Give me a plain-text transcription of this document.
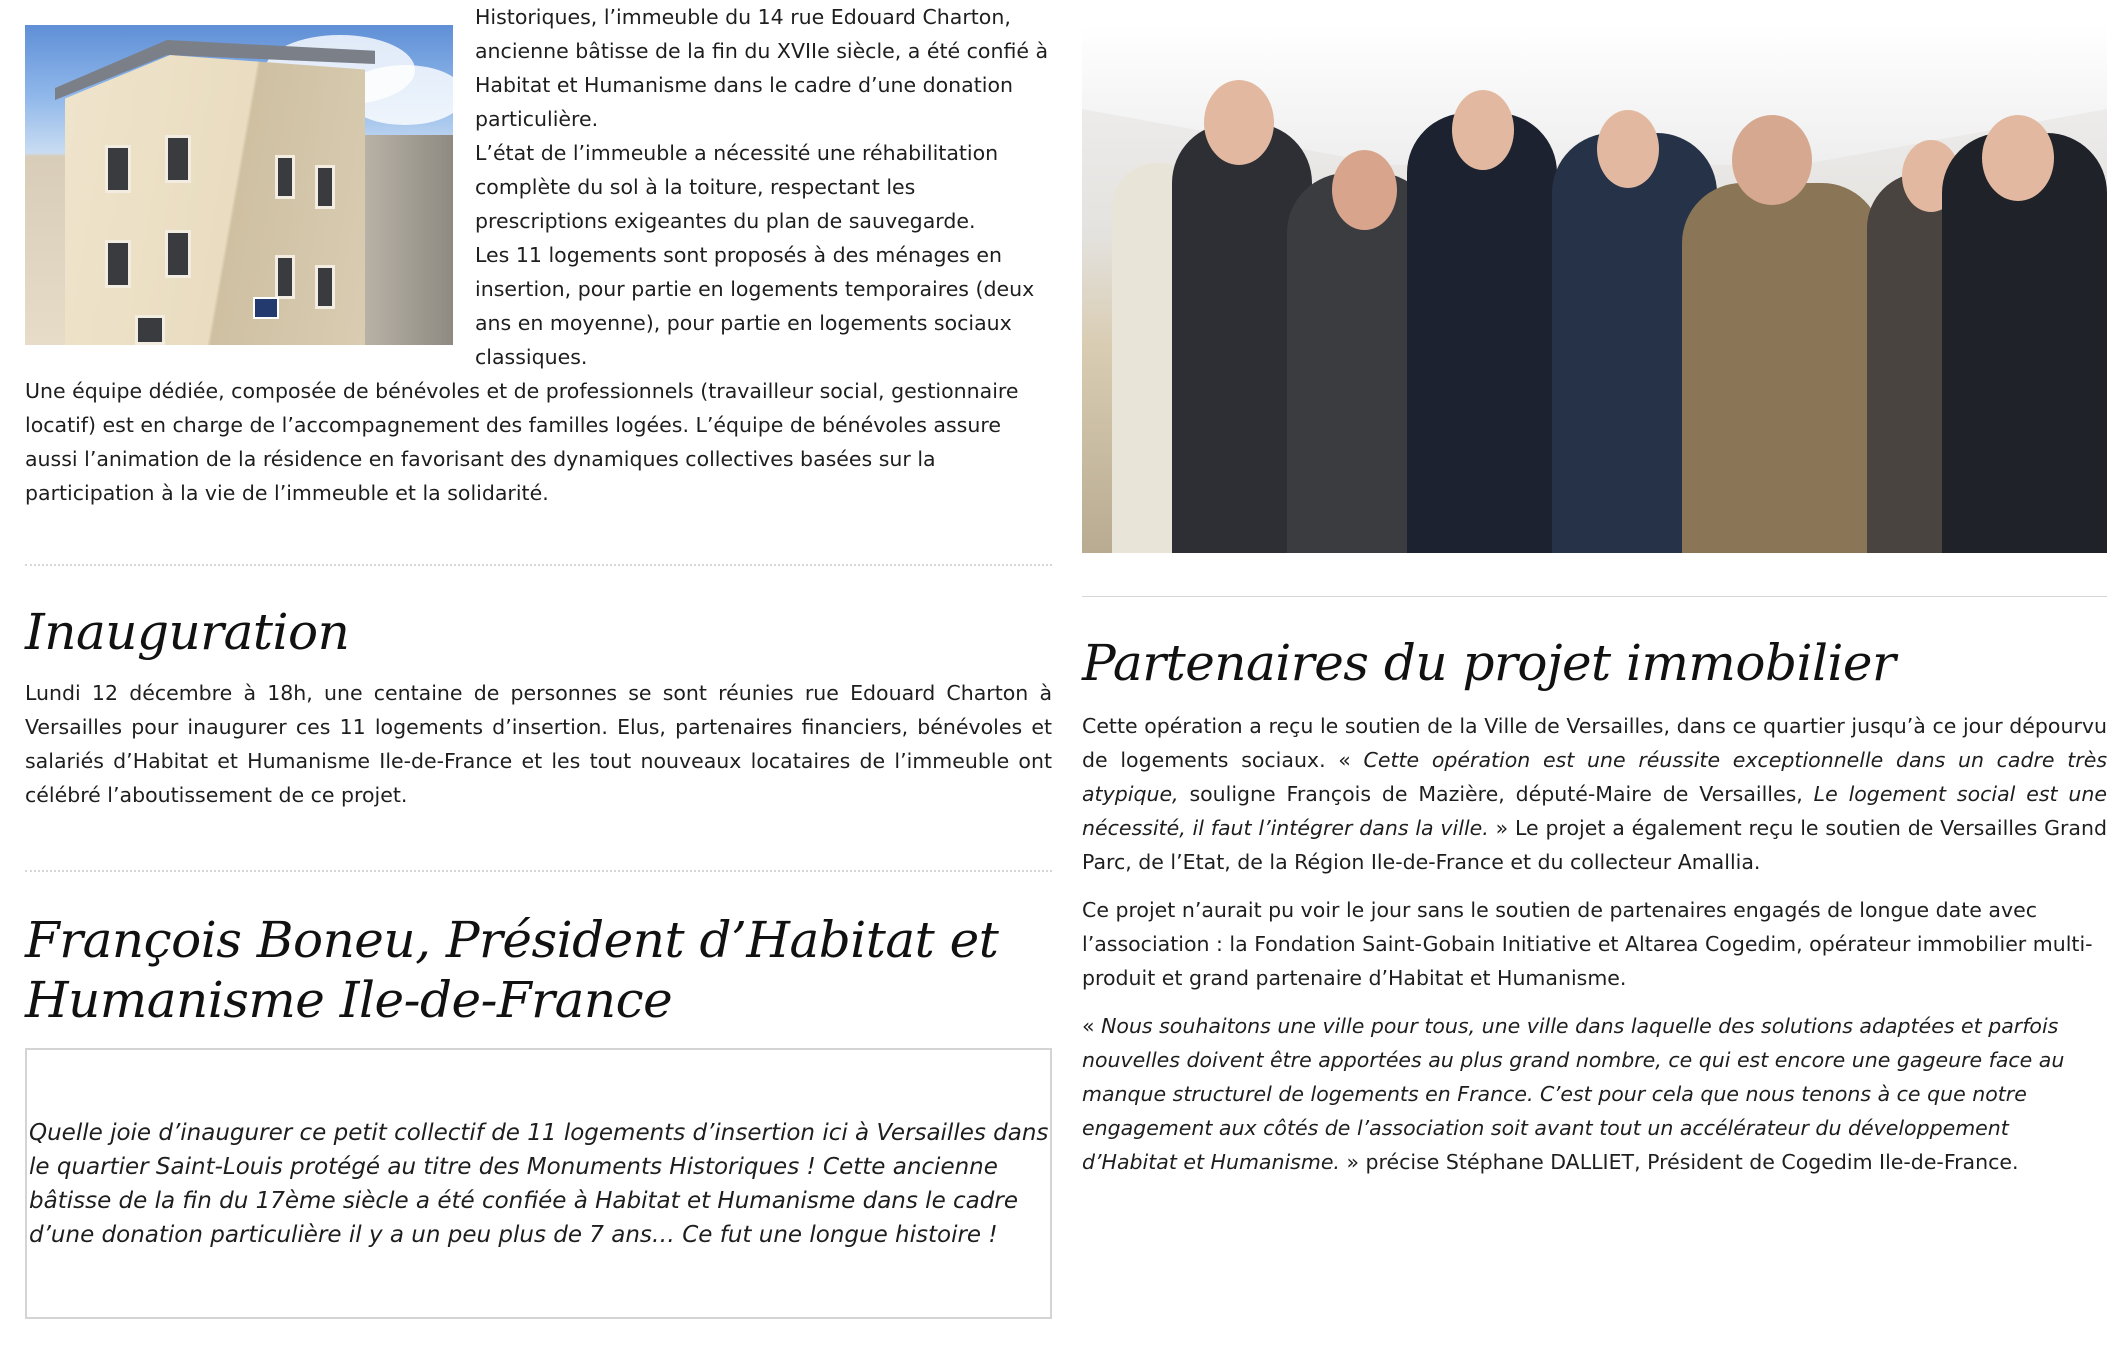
Historiques, l’immeuble du 14 rue Edouard Charton, ancienne bâtisse de la fin du XVIIe siècle, a été confié à Habitat et Humanisme dans le cadre d’une donation particulière.

L’état de l’immeuble a nécessité une réhabilitation complète du sol à la toiture, respectant les prescriptions exigeantes du plan de sauvegarde.

Les 11 logements sont proposés à des ménages en insertion, pour partie en logements temporaires (deux ans en moyenne), pour partie en logements sociaux classiques.

Une équipe dédiée, composée de bénévoles et de professionnels (travailleur social, gestionnaire locatif) est en charge de l’accompagnement des familles logées. L’équipe de bénévoles assure aussi l’animation de la résidence en favorisant des dynamiques collectives basées sur la participation à la vie de l’immeuble et la solidarité.

Inauguration

Lundi 12 décembre à 18h, une centaine de personnes se sont réunies rue Edouard Charton à Versailles pour inaugurer ces 11 logements d’insertion. Elus, partenaires financiers, bénévoles et salariés d’Habitat et Humanisme Ile-de-France et les tout nouveaux locataires de l’immeuble ont célébré l’aboutissement de ce projet.

François Boneu, Président d’Habitat et Humanisme Ile-de-France

Quelle joie d’inaugurer ce petit collectif de 11 logements d’insertion ici à Versailles dans le quartier Saint-Louis protégé au titre des Monuments Historiques ! Cette ancienne bâtisse de la fin du 17ème siècle a été confiée à Habitat et Humanisme dans le cadre d’une donation particulière il y a un peu plus de 7 ans… Ce fut une longue histoire !

Partenaires du projet immobilier

Cette opération a reçu le soutien de la Ville de Versailles, dans ce quartier jusqu’à ce jour dépourvu de logements sociaux. « Cette opération est une réussite exceptionnelle dans un cadre très atypique, souligne François de Mazière, député-Maire de Versailles, Le logement social est une nécessité, il faut l’intégrer dans la ville. » Le projet a également reçu le soutien de Versailles Grand Parc, de l’Etat, de la Région Ile-de-France et du collecteur Amallia.

Ce projet n’aurait pu voir le jour sans le soutien de partenaires engagés de longue date avec l’association : la Fondation Saint-Gobain Initiative et Altarea Cogedim, opérateur immobilier multi-produit et grand partenaire d’Habitat et Humanisme.

« Nous souhaitons une ville pour tous, une ville dans laquelle des solutions adaptées et parfois nouvelles doivent être apportées au plus grand nombre, ce qui est encore une gageure face au manque structurel de logements en France. C’est pour cela que nous tenons à ce que notre engagement aux côtés de l’association soit avant tout un accélérateur du développement d’Habitat et Humanisme. » précise Stéphane DALLIET, Président de Cogedim Ile-de-France.
